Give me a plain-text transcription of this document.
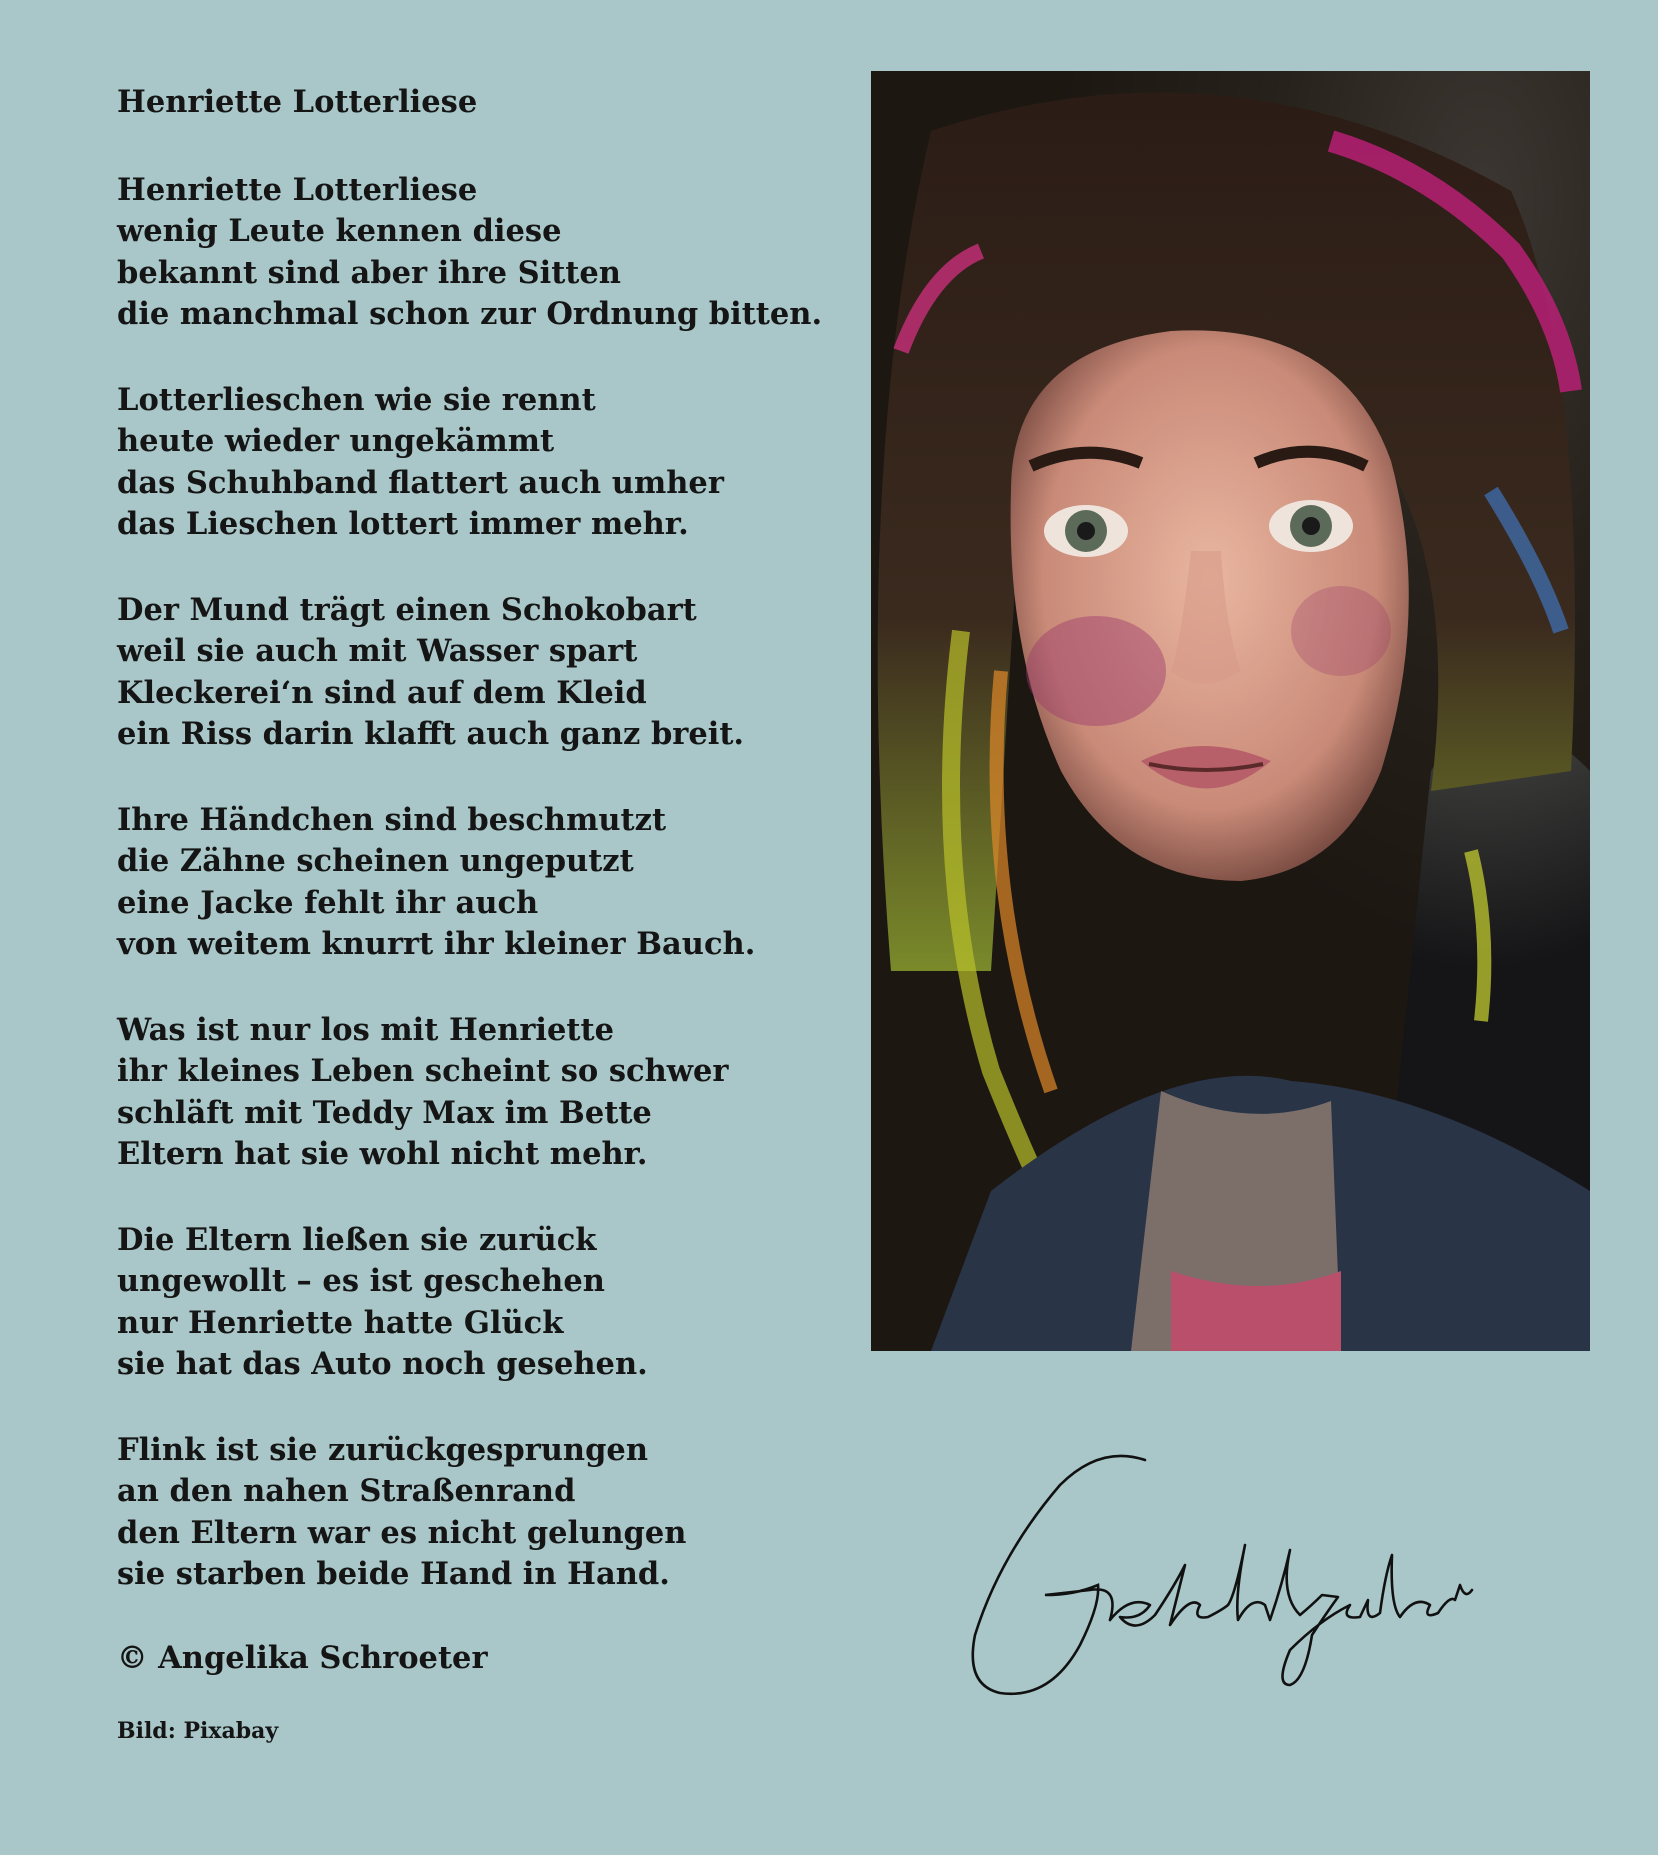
Henriette Lotterliese
Henriette Lotterliese
wenig Leute kennen diese
bekannt sind aber ihre Sitten
die manchmal schon zur Ordnung bitten.
Lotterlieschen wie sie rennt
heute wieder ungekämmt
das Schuhband flattert auch umher
das Lieschen lottert immer mehr.
Der Mund trägt einen Schokobart
weil sie auch mit Wasser spart
Kleckerei‘n sind auf dem Kleid
ein Riss darin klafft auch ganz breit.
Ihre Händchen sind beschmutzt
die Zähne scheinen ungeputzt
eine Jacke fehlt ihr auch
von weitem knurrt ihr kleiner Bauch.
Was ist nur los mit Henriette
ihr kleines Leben scheint so schwer
schläft mit Teddy Max im Bette
Eltern hat sie wohl nicht mehr.
Die Eltern ließen sie zurück
ungewollt – es ist geschehen
nur Henriette hatte Glück
sie hat das Auto noch gesehen.
Flink ist sie zurückgesprungen
an den nahen Straßenrand
den Eltern war es nicht gelungen
sie starben beide Hand in Hand.
© Angelika Schroeter
Bild: Pixabay
